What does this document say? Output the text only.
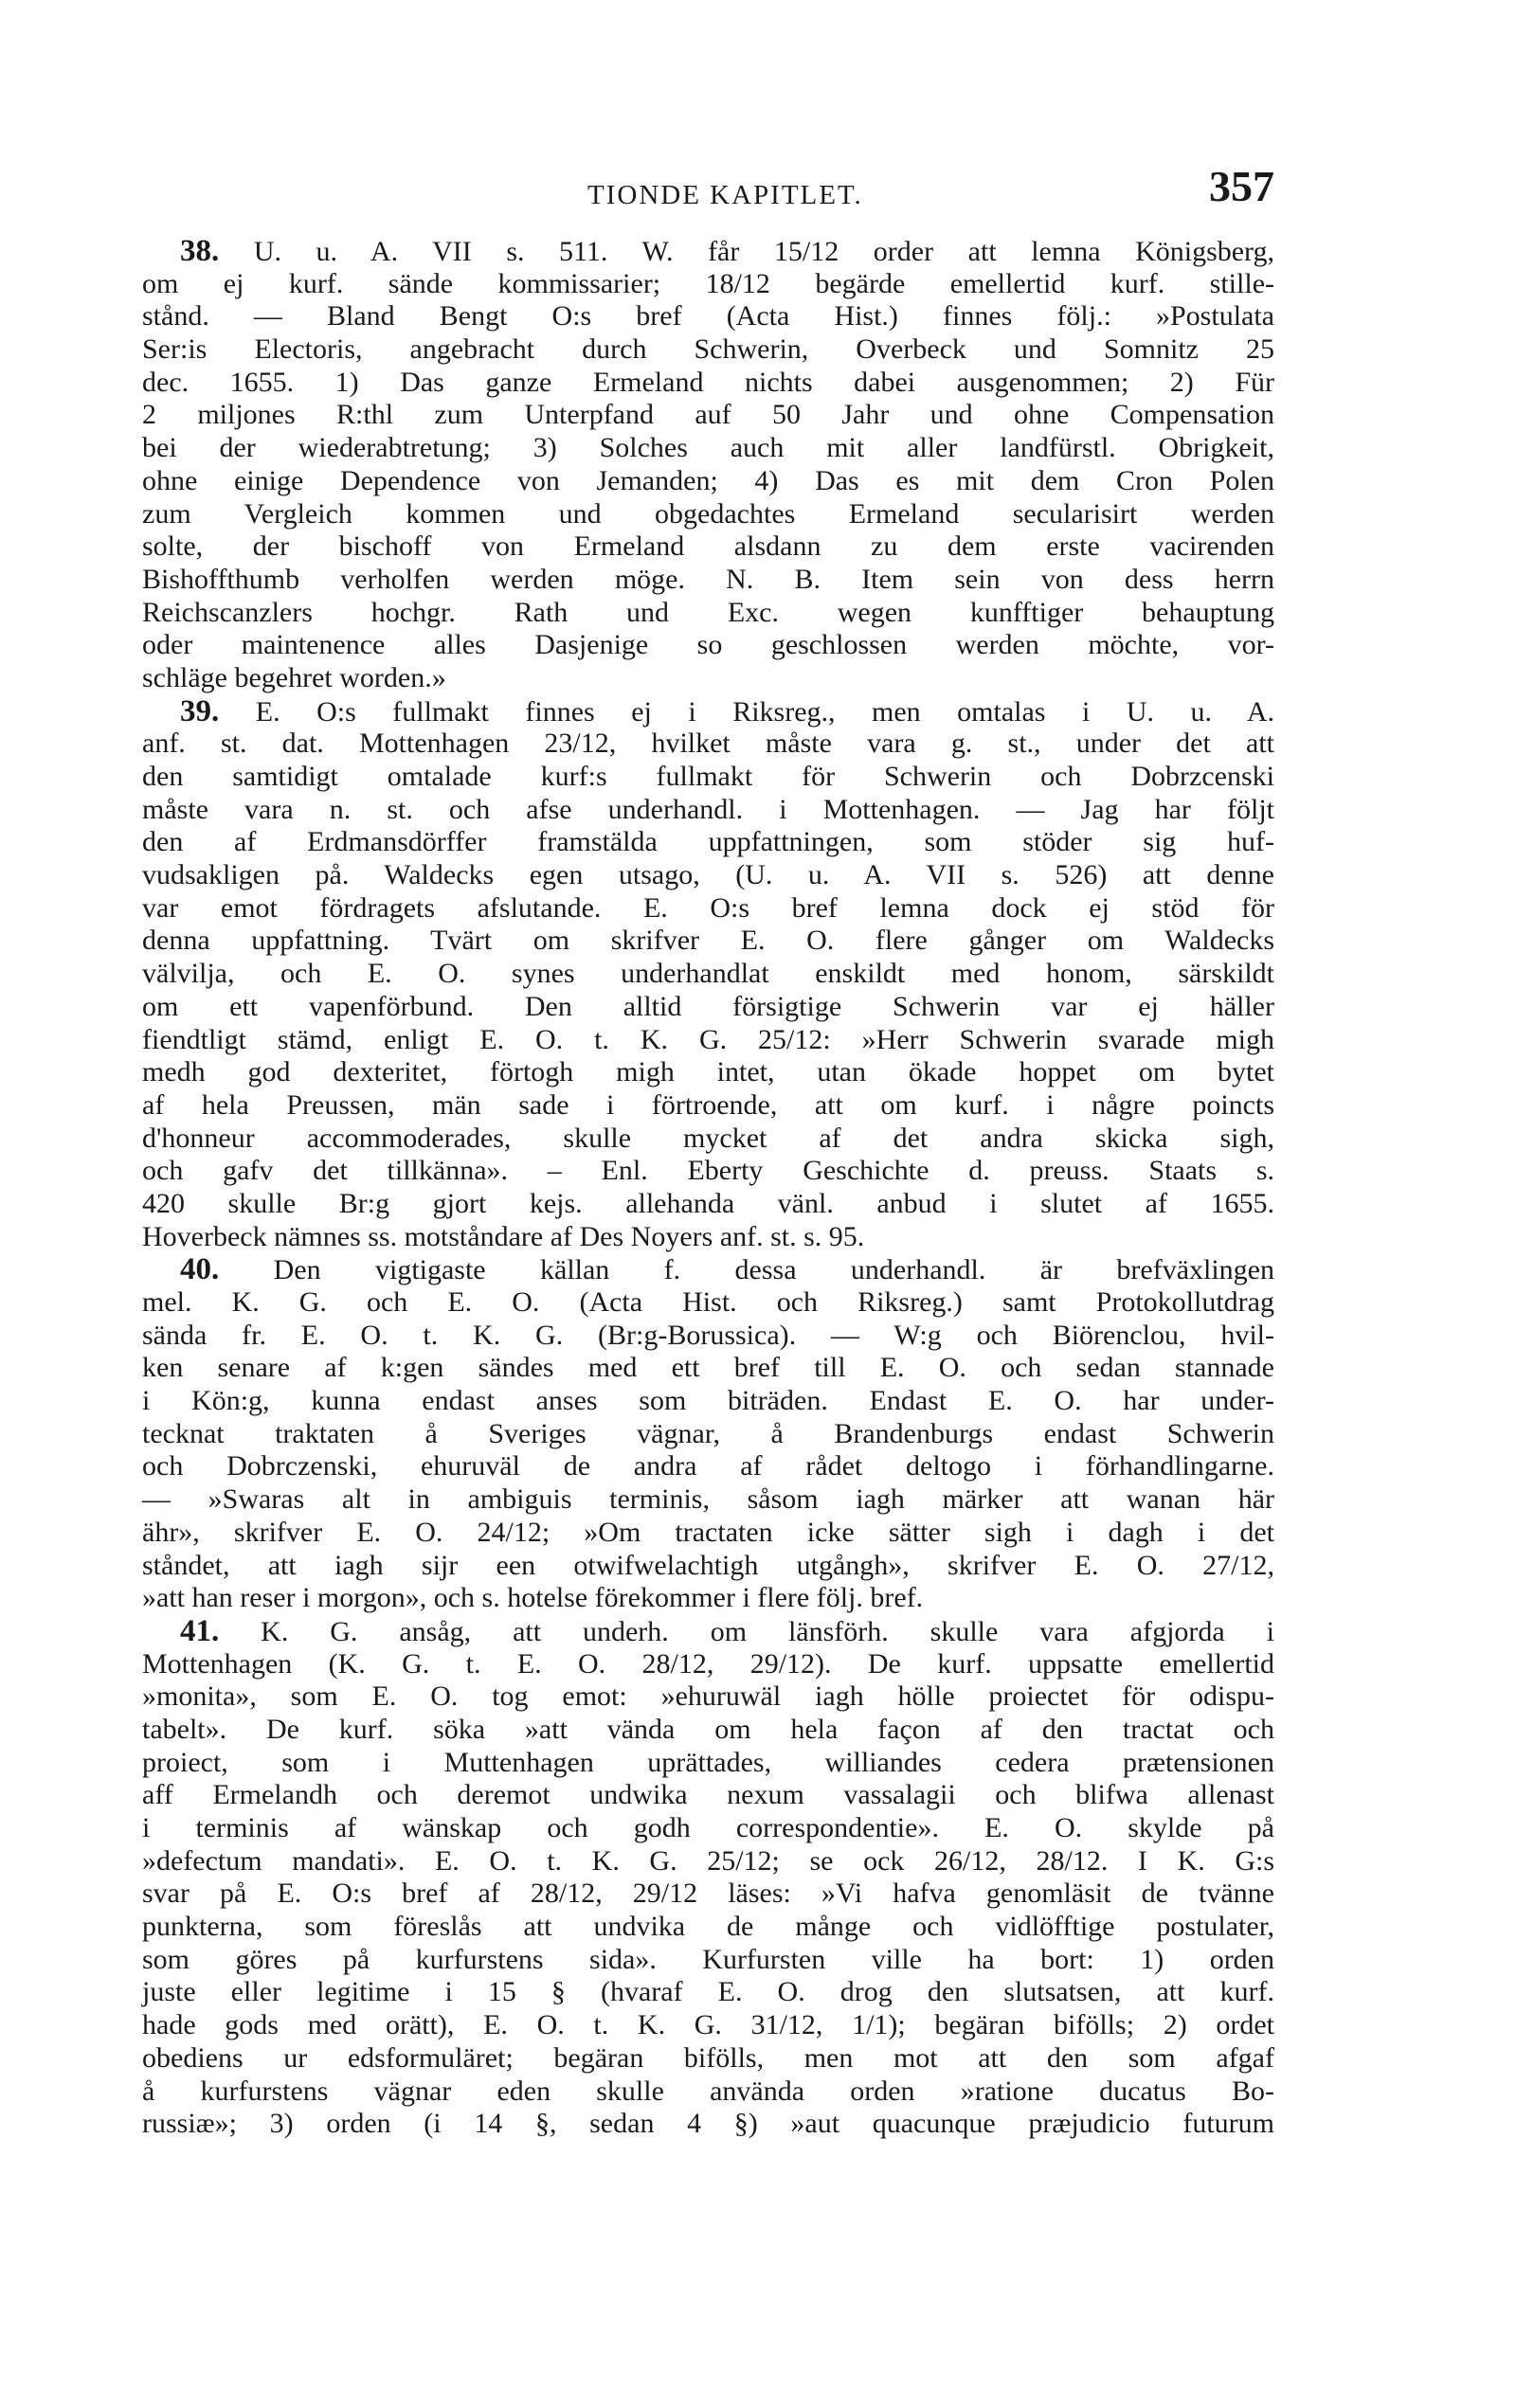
TIONDE KAPITLET.	357
38. U. u. A. VII s. 511. W. får 15/12 order att lemna Königsberg,
om ej kurf. sände kommissarier; 18/12 begärde emellertid kurf. stille-
stånd. — Bland Bengt O:s bref (Acta Hist.) finnes följ.: »Postulata
Ser:is Electoris, angebracht durch Schwerin, Overbeck und Somnitz 25
dec. 1655. 1) Das ganze Ermeland nichts dabei ausgenommen; 2) Für
2 miljones R:thl zum Unterpfand auf 50 Jahr und ohne Compensation
bei der wiederabtretung; 3) Solches auch mit aller landfürstl. Obrigkeit,
ohne einige Dependence von Jemanden; 4) Das es mit dem Cron Polen
zum Vergleich kommen und obgedachtes Ermeland secularisirt werden
solte, der bischoff von Ermeland alsdann zu dem erste vacirenden
Bishoffthumb verholfen werden möge. N. B. Item sein von dess herrn
Reichscanzlers hochgr. Rath und Exc. wegen kunfftiger behauptung
oder maintenence alles Dasjenige so geschlossen werden möchte, vor-
schläge begehret worden.»
39. E. O:s fullmakt finnes ej i Riksreg., men omtalas i U. u. A.
anf. st. dat. Mottenhagen 23/12, hvilket måste vara g. st., under det att
den samtidigt omtalade kurf:s fullmakt för Schwerin och Dobrzcenski
måste vara n. st. och afse underhandl. i Mottenhagen. — Jag har följt
den af Erdmansdörffer framstälda uppfattningen, som stöder sig huf-
vudsakligen på. Waldecks egen utsago, (U. u. A. VII s. 526) att denne
var emot fördragets afslutande. E. O:s bref lemna dock ej stöd för
denna uppfattning. Tvärt om skrifver E. O. flere gånger om Waldecks
välvilja, och E. O. synes underhandlat enskildt med honom, särskildt
om ett vapenförbund. Den alltid försigtige Schwerin var ej häller
fiendtligt stämd, enligt E. O. t. K. G. 25/12: »Herr Schwerin svarade migh
medh god dexteritet, förtogh migh intet, utan ökade hoppet om bytet
af hela Preussen, män sade i förtroende, att om kurf. i någre poincts
d'honneur accommoderades, skulle mycket af det andra skicka sigh,
och gafv det tillkänna». – Enl. Eberty Geschichte d. preuss. Staats s.
420 skulle Br:g gjort kejs. allehanda vänl. anbud i slutet af 1655.
Hoverbeck nämnes ss. motståndare af Des Noyers anf. st. s. 95.
40. Den vigtigaste källan f. dessa underhandl. är brefväxlingen
mel. K. G. och E. O. (Acta Hist. och Riksreg.) samt Protokollutdrag
sända fr. E. O. t. K. G. (Br:g-Borussica). — W:g och Biörenclou, hvil-
ken senare af k:gen sändes med ett bref till E. O. och sedan stannade
i Kön:g, kunna endast anses som biträden. Endast E. O. har under-
tecknat traktaten å Sveriges vägnar, å Brandenburgs endast Schwerin
och Dobrczenski, ehuruväl de andra af rådet deltogo i förhandlingarne.
— »Swaras alt in ambiguis terminis, såsom iagh märker att wanan här
ähr», skrifver E. O. 24/12; »Om tractaten icke sätter sigh i dagh i det
ståndet, att iagh sijr een otwifwelachtigh utgångh», skrifver E. O. 27/12,
»att han reser i morgon», och s. hotelse förekommer i flere följ. bref.
41. K. G. ansåg, att underh. om länsförh. skulle vara afgjorda i
Mottenhagen (K. G. t. E. O. 28/12, 29/12). De kurf. uppsatte emellertid
»monita», som E. O. tog emot: »ehuruwäl iagh hölle proiectet för odispu-
tabelt». De kurf. söka »att vända om hela façon af den tractat och
proiect, som i Muttenhagen uprättades, williandes cedera prætensionen
aff Ermelandh och deremot undwika nexum vassalagii och blifwa allenast
i terminis af wänskap och godh correspondentie». E. O. skylde på
»defectum mandati». E. O. t. K. G. 25/12; se ock 26/12, 28/12. I K. G:s
svar på E. O:s bref af 28/12, 29/12 läses: »Vi hafva genomläsit de tvänne
punkterna, som föreslås att undvika de månge och vidlöfftige postulater,
som göres på kurfurstens sida». Kurfursten ville ha bort: 1) orden
juste eller legitime i 15 § (hvaraf E. O. drog den slutsatsen, att kurf.
hade gods med orätt), E. O. t. K. G. 31/12, 1/1); begäran bifölls; 2) ordet
obediens ur edsformuläret; begäran bifölls, men mot att den som afgaf
å kurfurstens vägnar eden skulle använda orden »ratione ducatus Bo-
russiæ»; 3) orden (i 14 §, sedan 4 §) »aut quacunque præjudicio futurum
